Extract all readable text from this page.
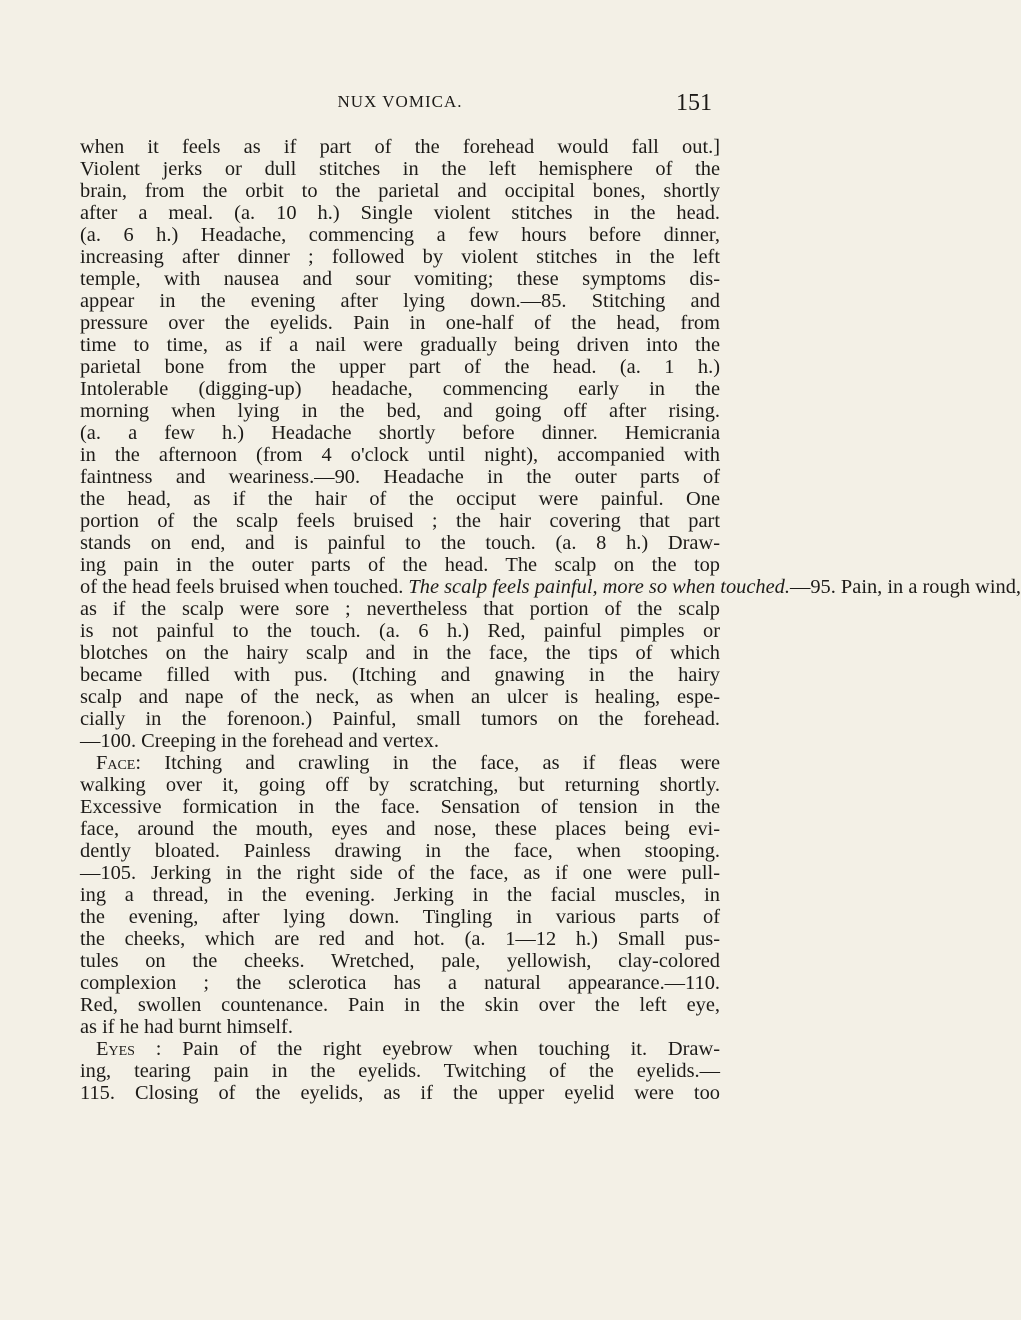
NUX VOMICA.	151
when it feels as if part of the forehead would fall out.]
Violent jerks or dull stitches in the left hemisphere of the
brain, from the orbit to the parietal and occipital bones, shortly
after a meal. (a. 10 h.) Single violent stitches in the head.
(a. 6 h.) Headache, commencing a few hours before dinner,
increasing after dinner ; followed by violent stitches in the left
temple, with nausea and sour vomiting; these symptoms dis-
appear in the evening after lying down.—85. Stitching and
pressure over the eyelids. Pain in one-half of the head, from
time to time, as if a nail were gradually being driven into the
parietal bone from the upper part of the head. (a. 1 h.)
Intolerable (digging-up) headache, commencing early in the
morning when lying in the bed, and going off after rising.
(a. a few h.) Headache shortly before dinner. Hemicrania
in the afternoon (from 4 o'clock until night), accompanied with
faintness and weariness.—90. Headache in the outer parts of
the head, as if the hair of the occiput were painful. One
portion of the scalp feels bruised ; the hair covering that part
stands on end, and is painful to the touch. (a. 8 h.) Draw-
ing pain in the outer parts of the head. The scalp on the top
of the head feels bruised when touched. The scalp feels painful, more so when touched.—95. Pain, in a rough wind,
as if the scalp were sore ; nevertheless that portion of the scalp
is not painful to the touch. (a. 6 h.) Red, painful pimples or
blotches on the hairy scalp and in the face, the tips of which
became filled with pus. (Itching and gnawing in the hairy
scalp and nape of the neck, as when an ulcer is healing, espe-
cially in the forenoon.) Painful, small tumors on the forehead.
—100. Creeping in the forehead and vertex.
Face: Itching and crawling in the face, as if fleas were
walking over it, going off by scratching, but returning shortly.
Excessive formication in the face. Sensation of tension in the
face, around the mouth, eyes and nose, these places being evi-
dently bloated. Painless drawing in the face, when stooping.
—105. Jerking in the right side of the face, as if one were pull-
ing a thread, in the evening. Jerking in the facial muscles, in
the evening, after lying down. Tingling in various parts of
the cheeks, which are red and hot. (a. 1—12 h.) Small pus-
tules on the cheeks. Wretched, pale, yellowish, clay-colored
complexion ; the sclerotica has a natural appearance.—110.
Red, swollen countenance. Pain in the skin over the left eye,
as if he had burnt himself.
Eyes : Pain of the right eyebrow when touching it. Draw-
ing, tearing pain in the eyelids. Twitching of the eyelids.—
115. Closing of the eyelids, as if the upper eyelid were too
